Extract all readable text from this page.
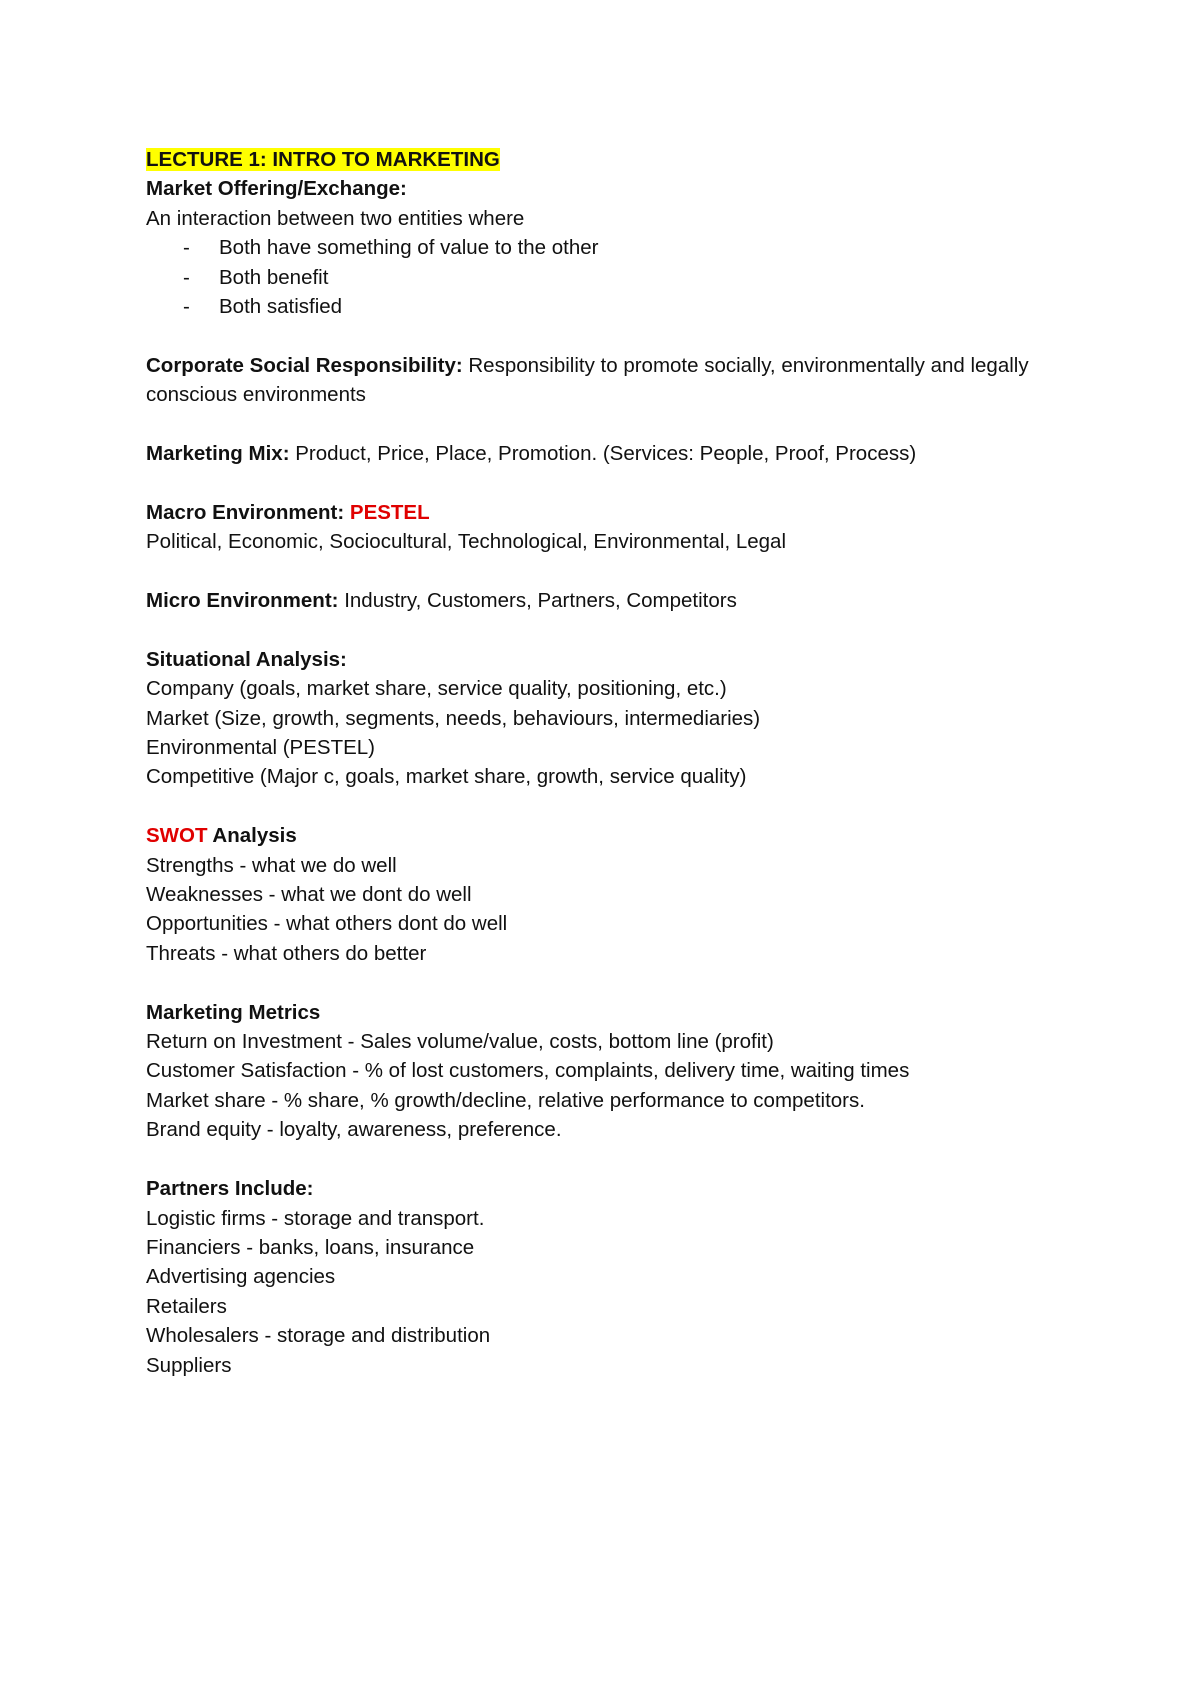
LECTURE 1: INTRO TO MARKETING

Market Offering/Exchange:

An interaction between two entities where

- Both have something of value to the other

- Both benefit

- Both satisfied

Corporate Social Responsibility: Responsibility to promote socially, environmentally and legally conscious environments

Marketing Mix: Product, Price, Place, Promotion. (Services: People, Proof, Process)

Macro Environment: PESTEL

Political, Economic, Sociocultural, Technological, Environmental, Legal

Micro Environment: Industry, Customers, Partners, Competitors

Situational Analysis:

Company (goals, market share, service quality, positioning, etc.)

Market (Size, growth, segments, needs, behaviours, intermediaries)

Environmental (PESTEL)

Competitive (Major c, goals, market share, growth, service quality)

SWOT Analysis

Strengths - what we do well

Weaknesses - what we dont do well

Opportunities - what others dont do well

Threats - what others do better

Marketing Metrics

Return on Investment - Sales volume/value, costs, bottom line (profit)

Customer Satisfaction - % of lost customers, complaints, delivery time, waiting times

Market share - % share, % growth/decline, relative performance to competitors.

Brand equity - loyalty, awareness, preference.

Partners Include:

Logistic firms - storage and transport.

Financiers - banks, loans, insurance

Advertising agencies

Retailers

Wholesalers - storage and distribution

Suppliers
